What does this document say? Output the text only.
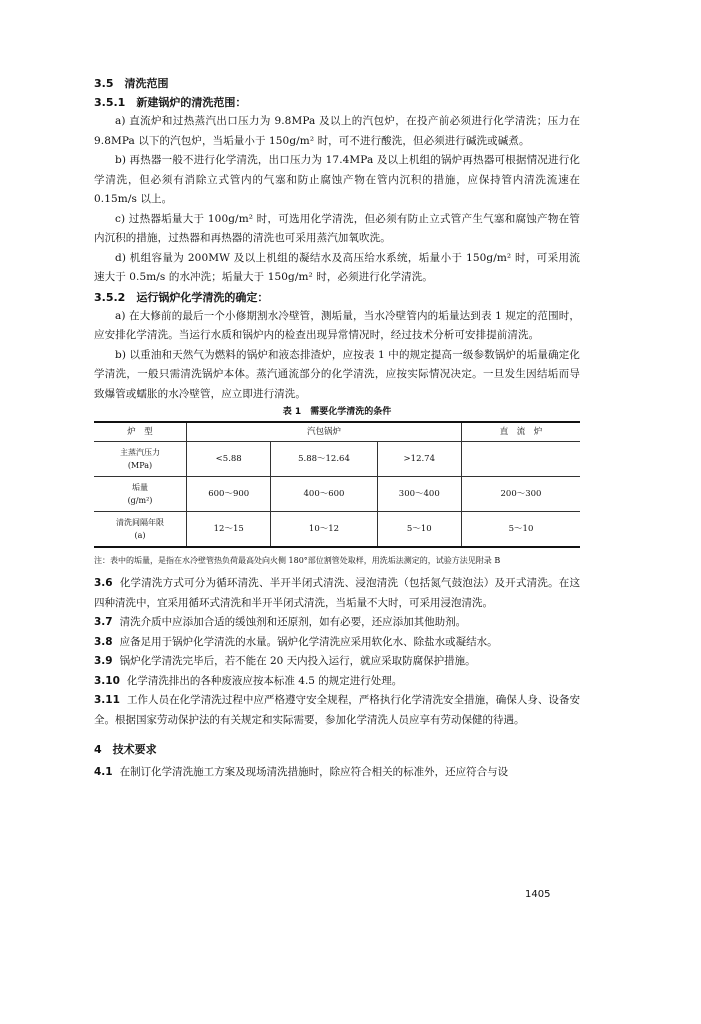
3.5　 清洗范围

3.5.1　 新建锅炉的清洗范围：

a) 直流炉和过热蒸汽出口压力为 9.8MPa 及以上的汽包炉，在投产前必须进行化学清洗；压力在 9.8MPa 以下的汽包炉，当垢量小于 150g/m² 时，可不进行酸洗，但必须进行碱洗或碱煮。

b) 再热器一般不进行化学清洗，出口压力为 17.4MPa 及以上机组的锅炉再热器可根据情况进行化学清洗，但必须有消除立式管内的气塞和防止腐蚀产物在管内沉积的措施，应保持管内清洗流速在 0.15m/s 以上。

c) 过热器垢量大于 100g/m² 时，可选用化学清洗，但必须有防止立式管产生气塞和腐蚀产物在管内沉积的措施，过热器和再热器的清洗也可采用蒸汽加氧吹洗。

d) 机组容量为 200MW 及以上机组的凝结水及高压给水系统，垢量小于 150g/m² 时，可采用流速大于 0.5m/s 的水冲洗；垢量大于 150g/m² 时，必须进行化学清洗。

3.5.2　 运行锅炉化学清洗的确定：

a) 在大修前的最后一个小修期割水冷壁管，测垢量，当水冷壁管内的垢量达到表 1 规定的范围时，应安排化学清洗。当运行水质和锅炉内的检查出现异常情况时，经过技术分析可安排提前清洗。

b) 以重油和天然气为燃料的锅炉和液态排渣炉，应按表 1 中的规定提高一级参数锅炉的垢量确定化学清洗，一般只需清洗锅炉本体。蒸汽通流部分的化学清洗，应按实际情况决定。一旦发生因结垢而导致爆管或蠕胀的水冷壁管，应立即进行清洗。

表 1　需要化学清洗的条件

炉　型	汽包锅炉			直　流　炉
主蒸汽压力
(MPa)	<5.88	5.88～12.64	>12.74	
垢量
(g/m²)	600～900	400～600	300～400	200～300
清洗间隔年限
(a)	12～15	10～12	5～10	5～10

注：表中的垢量，是指在水冷壁管热负荷最高处向火侧 180°部位割管处取样，用洗垢法测定的，试验方法见附录 B

3.6 化学清洗方式可分为循环清洗、半开半闭式清洗、浸泡清洗（包括氮气鼓泡法）及开式清洗。在这四种清洗中，宜采用循环式清洗和半开半闭式清洗，当垢量不大时，可采用浸泡清洗。

3.7 清洗介质中应添加合适的缓蚀剂和还原剂，如有必要，还应添加其他助剂。

3.8 应备足用于锅炉化学清洗的水量。锅炉化学清洗应采用软化水、除盐水或凝结水。

3.9 锅炉化学清洗完毕后，若不能在 20 天内投入运行，就应采取防腐保护措施。

3.10 化学清洗排出的各种废液应按本标准 4.5 的规定进行处理。

3.11 工作人员在化学清洗过程中应严格遵守安全规程，严格执行化学清洗安全措施，确保人身、设备安全。根据国家劳动保护法的有关规定和实际需要，参加化学清洗人员应享有劳动保健的待遇。

4　 技术要求

4.1 在制订化学清洗施工方案及现场清洗措施时，除应符合相关的标准外，还应符合与设

1405
